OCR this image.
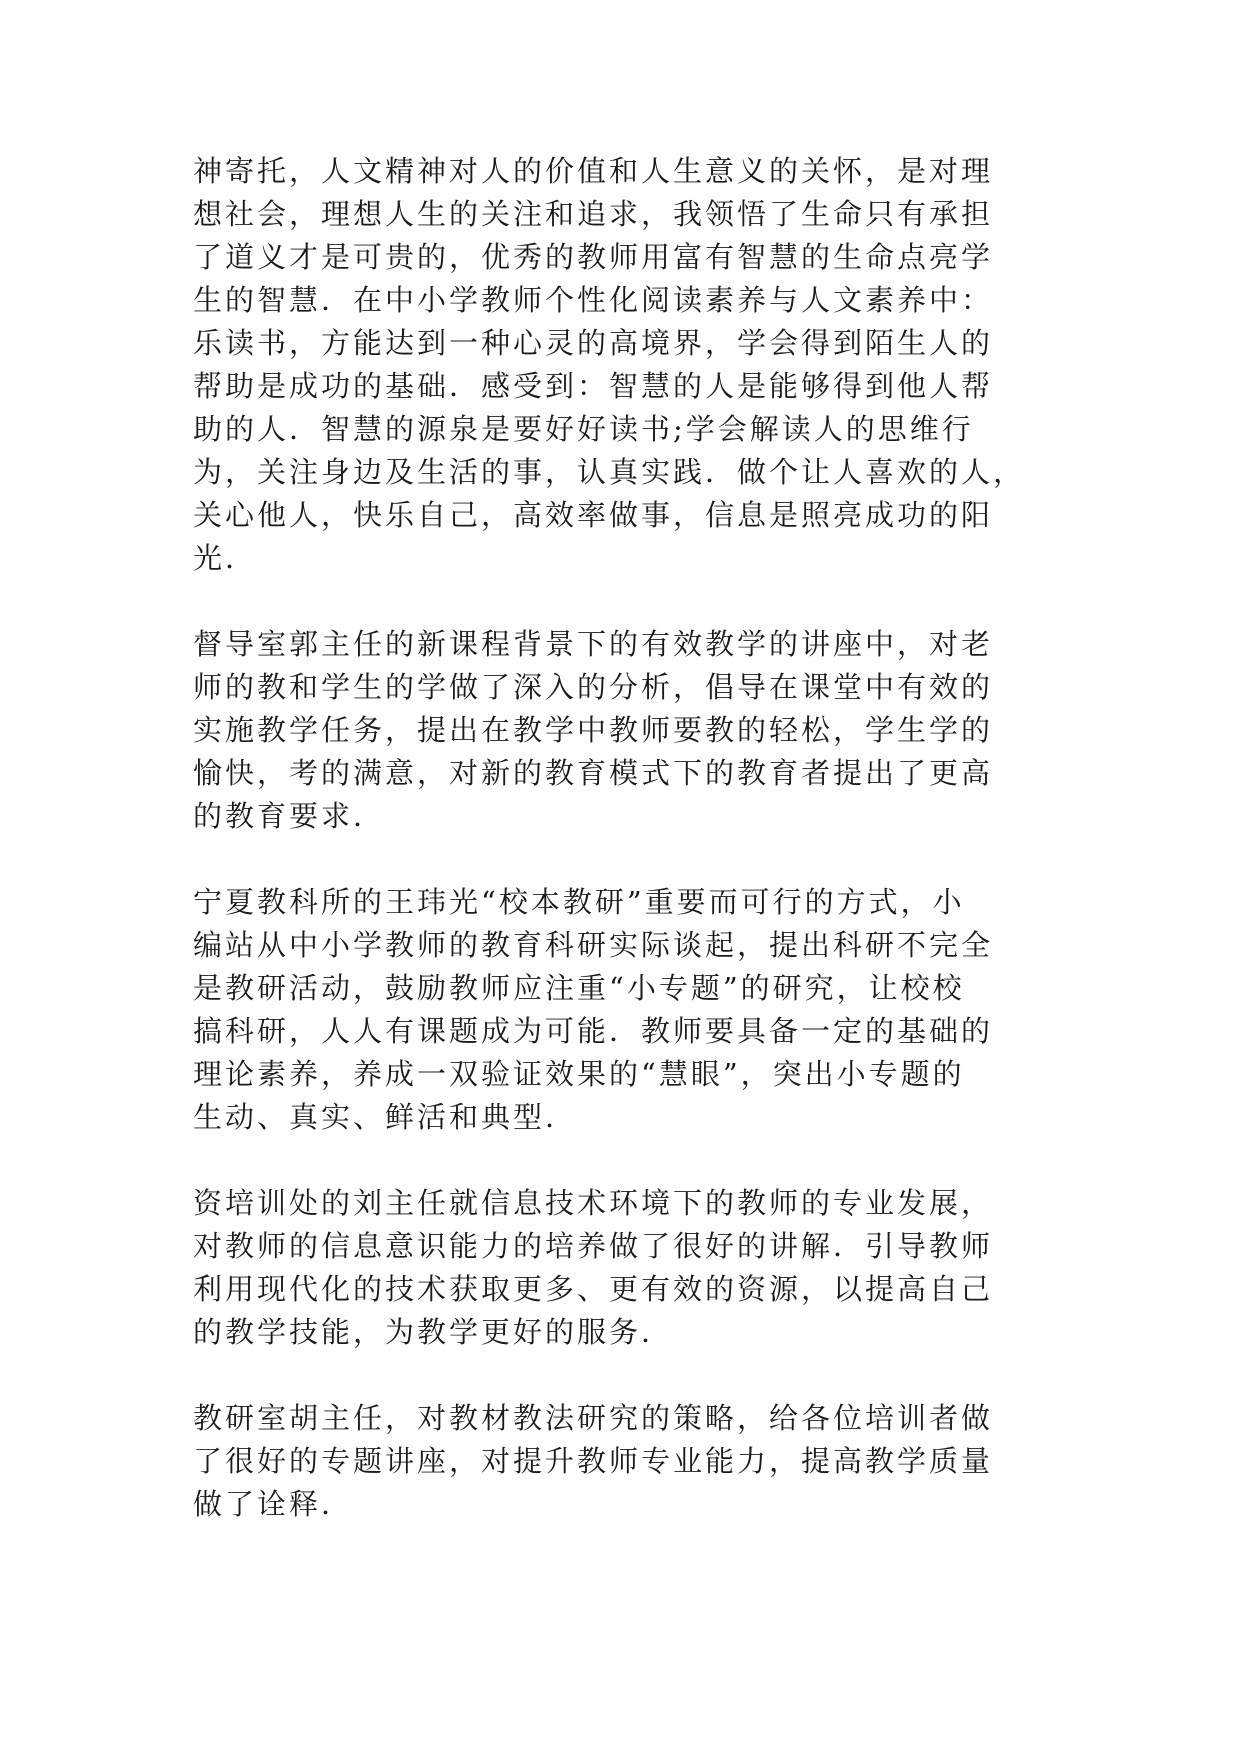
神寄托，人文精神对人的价值和人生意义的关怀，是对理
想社会，理想人生的关注和追求，我领悟了生命只有承担
了道义才是可贵的，优秀的教师用富有智慧的生命点亮学
生的智慧．在中小学教师个性化阅读素养与人文素养中：
乐读书，方能达到一种心灵的高境界，学会得到陌生人的
帮助是成功的基础．感受到：智慧的人是能够得到他人帮
助的人．智慧的源泉是要好好读书;学会解读人的思维行
为，关注身边及生活的事，认真实践．做个让人喜欢的人，
关心他人，快乐自己，高效率做事，信息是照亮成功的阳
光．

督导室郭主任的新课程背景下的有效教学的讲座中，对老
师的教和学生的学做了深入的分析，倡导在课堂中有效的
实施教学任务，提出在教学中教师要教的轻松，学生学的
愉快，考的满意，对新的教育模式下的教育者提出了更高
的教育要求．

宁夏教科所的王玮光“校本教研”重要而可行的方式，小
编站从中小学教师的教育科研实际谈起，提出科研不完全
是教研活动，鼓励教师应注重“小专题”的研究，让校校
搞科研，人人有课题成为可能．教师要具备一定的基础的
理论素养，养成一双验证效果的“慧眼”，突出小专题的
生动、真实、鲜活和典型．

资培训处的刘主任就信息技术环境下的教师的专业发展，
对教师的信息意识能力的培养做了很好的讲解．引导教师
利用现代化的技术获取更多、更有效的资源，以提高自己
的教学技能，为教学更好的服务．

教研室胡主任，对教材教法研究的策略，给各位培训者做
了很好的专题讲座，对提升教师专业能力，提高教学质量
做了诠释．
